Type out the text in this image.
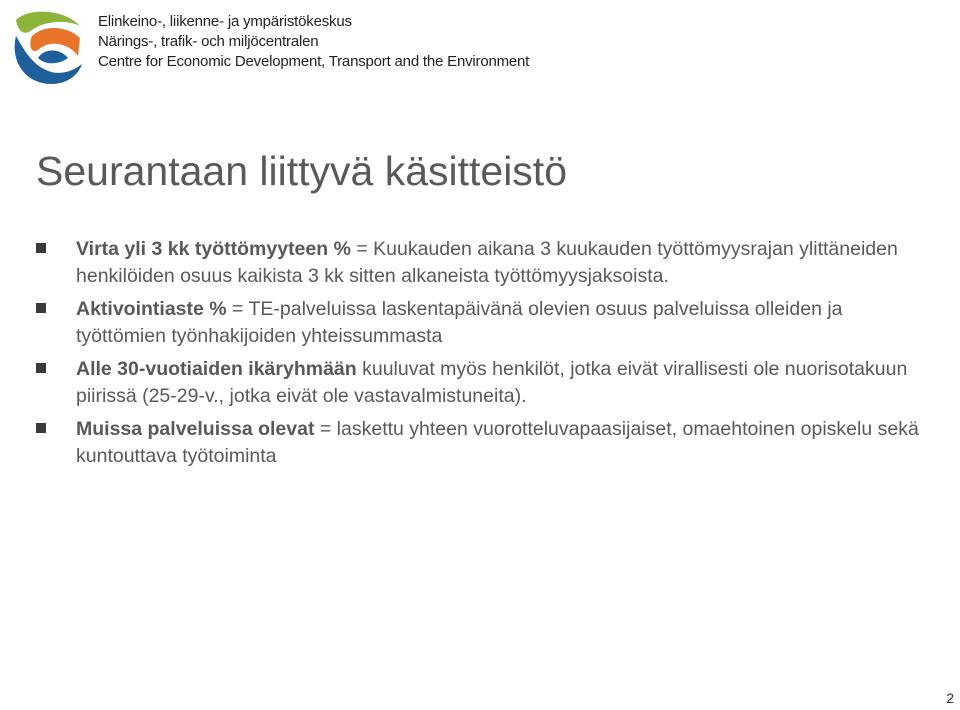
Elinkeino-, liikenne- ja ympäristökeskus
Närings-, trafik- och miljöcentralen
Centre for Economic Development, Transport and the Environment
Seurantaan liittyvä käsitteistö
Virta yli 3 kk työttömyyteen % = Kuukauden aikana 3 kuukauden työttömyysrajan ylittäneiden henkilöiden osuus kaikista 3 kk sitten alkaneista työttömyysjaksoista.
Aktivointiaste % = TE-palveluissa laskentapäivänä olevien osuus palveluissa olleiden ja työttömien työnhakijoiden yhteissummasta
Alle 30-vuotiaiden ikäryhmään kuuluvat myös henkilöt, jotka eivät virallisesti ole nuorisotakuun piirissä (25-29-v., jotka eivät ole vastavalmistuneita).
Muissa palveluissa olevat = laskettu yhteen vuorotteluvapaasijaiset, omaehtoinen opiskelu sekä kuntouttava työtoiminta
2
